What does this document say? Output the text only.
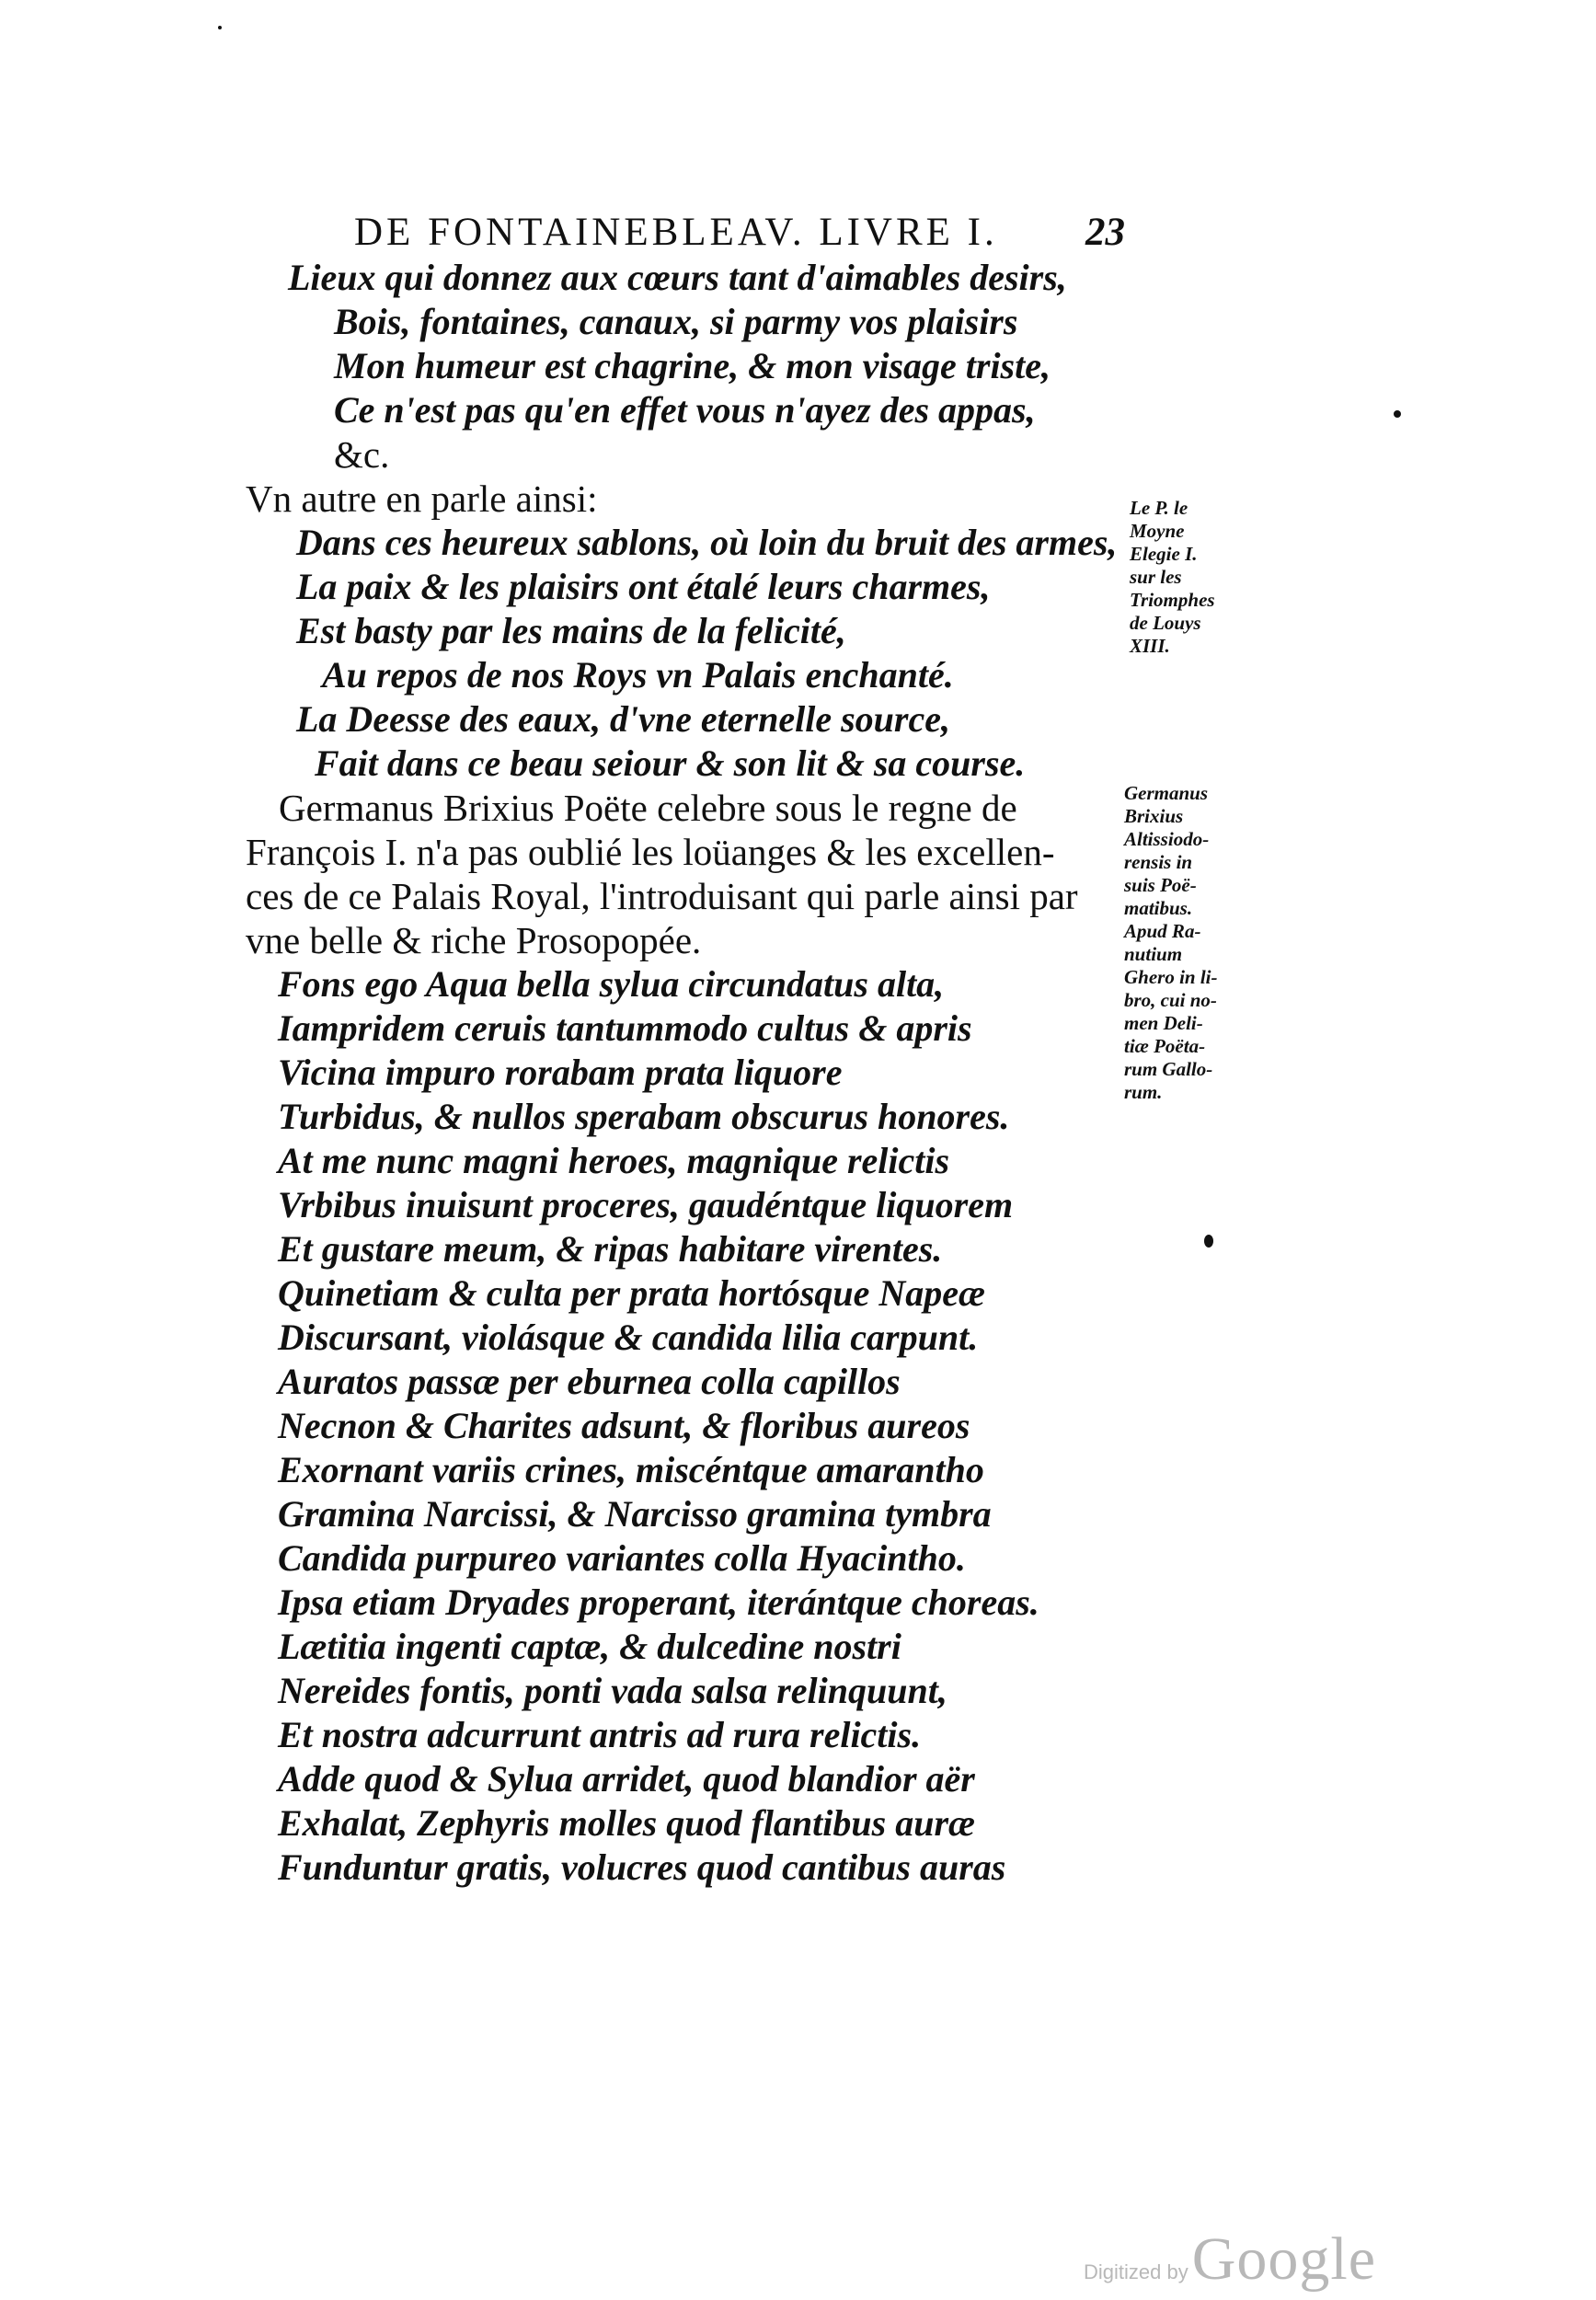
DE FONTAINEBLEAV. LIVRE I. 23
Lieux qui donnez aux cœurs tant d'aimables desirs,
Bois, fontaines, canaux, si parmy vos plaisirs
Mon humeur est chagrine, & mon visage triste,
Ce n'est pas qu'en effet vous n'ayez des appas,
&c.
Vn autre en parle ainsi:
Dans ces heureux sablons, où loin du bruit des armes,
La paix & les plaisirs ont étalé leurs charmes,
Est basty par les mains de la felicité,
Au repos de nos Roys vn Palais enchanté.
La Deesse des eaux, d'vne eternelle source,
Fait dans ce beau seiour & son lit & sa course.
Germanus Brixius Poëte celebre sous le regne de
François I. n'a pas oublié les loüanges & les excellen-
ces de ce Palais Royal, l'introduisant qui parle ainsi par
vne belle & riche Prosopopée.
Fons ego Aqua bella sylua circundatus alta,
Iampridem ceruis tantummodo cultus & apris
Vicina impuro rorabam prata liquore
Turbidus, & nullos sperabam obscurus honores.
At me nunc magni heroes, magnique relictis
Vrbibus inuisunt proceres, gaudéntque liquorem
Et gustare meum, & ripas habitare virentes.
Quinetiam & culta per prata hortósque Napeæ
Discursant, violásque & candida lilia carpunt.
Auratos passæ per eburnea colla capillos
Necnon & Charites adsunt, & floribus aureos
Exornant variis crines, miscéntque amarantho
Gramina Narcissi, & Narcisso gramina tymbra
Candida purpureo variantes colla Hyacintho.
Ipsa etiam Dryades properant, iterántque choreas.
Lætitia ingenti captæ, & dulcedine nostri
Nereides fontis, ponti vada salsa relinquunt,
Et nostra adcurrunt antris ad rura relictis.
Adde quod & Sylua arridet, quod blandior aër
Exhalat, Zephyris molles quod flantibus auræ
Funduntur gratis, volucres quod cantibus auras
Le P. le
Moyne
Elegie I.
sur les
Triomphes
de Louys
XIII.
Germanus
Brixius
Altissiodo-
rensis in
suis Poë-
matibus.
Apud Ra-
nutium
Ghero in li-
bro, cui no-
men Deli-
tiæ Poëta-
rum Gallo-
rum.
Digitized by Google
